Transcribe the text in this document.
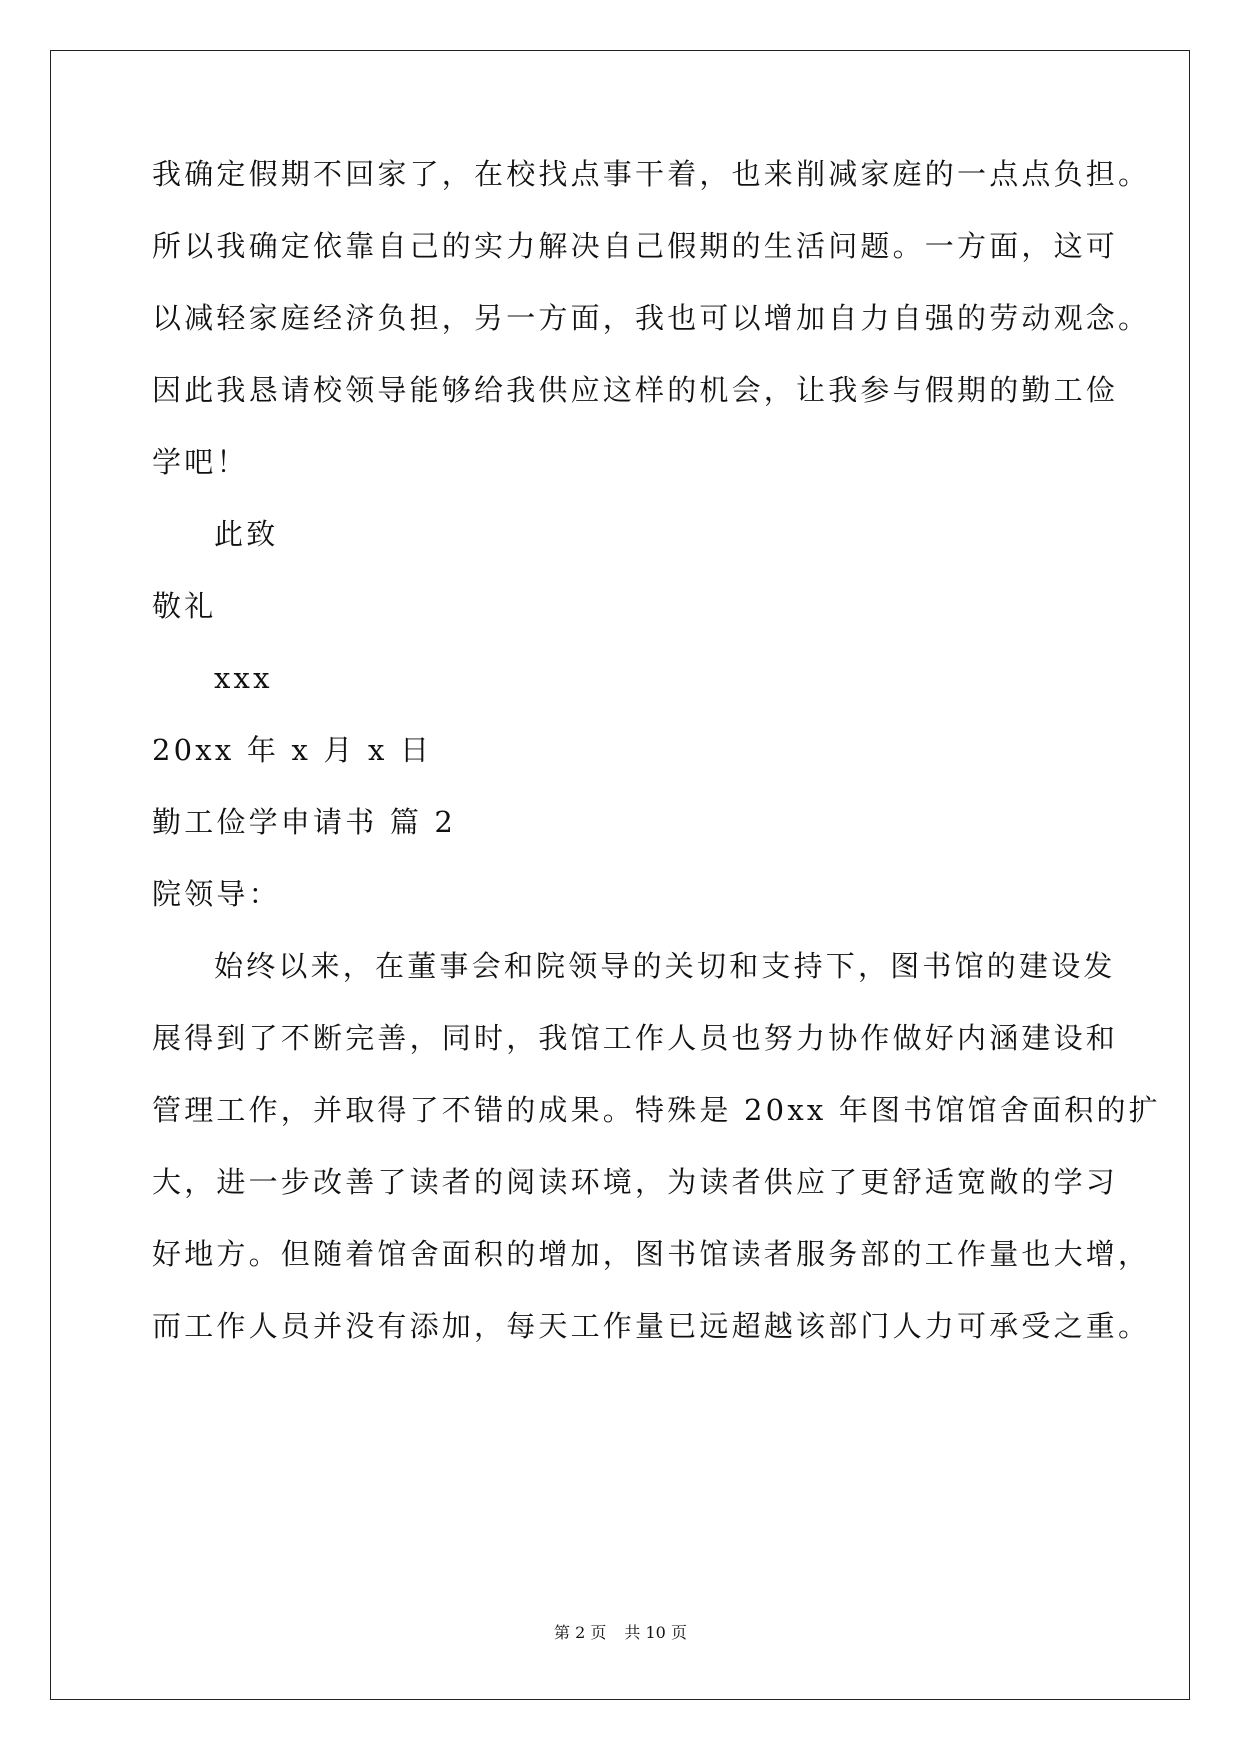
我确定假期不回家了，在校找点事干着，也来削减家庭的一点点负担。
所以我确定依靠自己的实力解决自己假期的生活问题。一方面，这可
以减轻家庭经济负担，另一方面，我也可以增加自力自强的劳动观念。
因此我恳请校领导能够给我供应这样的机会，让我参与假期的勤工俭
学吧！
此致
敬礼
xxx
20xx 年 x 月 x 日
勤工俭学申请书 篇 2
院领导：
始终以来，在董事会和院领导的关切和支持下，图书馆的建设发
展得到了不断完善，同时，我馆工作人员也努力协作做好内涵建设和
管理工作，并取得了不错的成果。特殊是 20xx 年图书馆馆舍面积的扩
大，进一步改善了读者的阅读环境，为读者供应了更舒适宽敞的学习
好地方。但随着馆舍面积的增加，图书馆读者服务部的工作量也大增，
而工作人员并没有添加，每天工作量已远超越该部门人力可承受之重。
第 2 页 共 10 页
